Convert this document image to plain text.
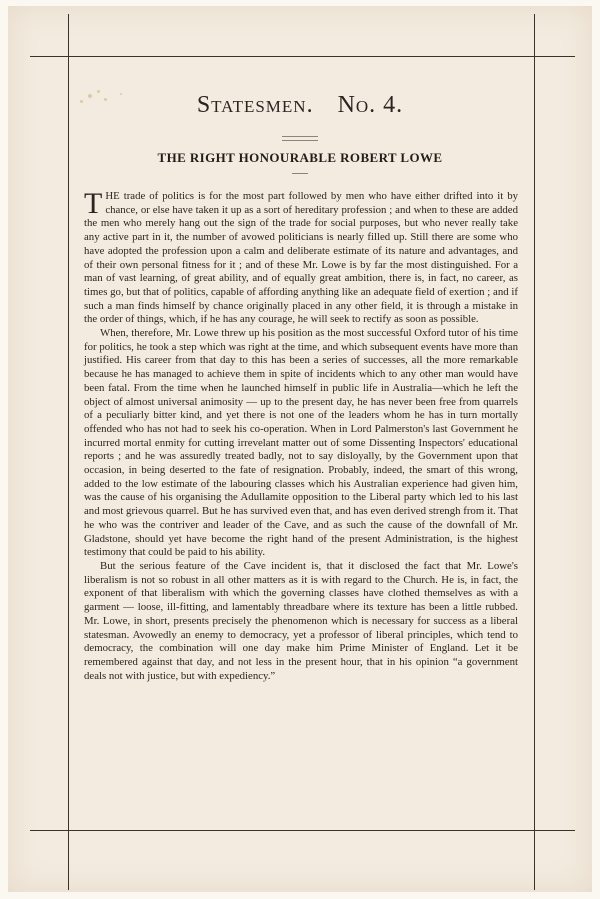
Statesmen. No. 4.
THE RIGHT HONOURABLE ROBERT LOWE

THE trade of politics is for the most part followed by men who have either drifted into it by chance, or else have taken it up as a sort of hereditary profession ; and when to these are added the men who merely hang out the sign of the trade for social purposes, but who never really take any active part in it, the number of avowed politicians is nearly filled up. Still there are some who have adopted the profession upon a calm and deliberate estimate of its nature and advantages, and of their own personal fitness for it ; and of these Mr. Lowe is by far the most distinguished. For a man of vast learning, of great ability, and of equally great ambition, there is, in fact, no career, as times go, but that of politics, capable of affording anything like an adequate field of exertion ; and if such a man finds himself by chance originally placed in any other field, it is through a mistake in the order of things, which, if he has any courage, he will seek to rectify as soon as possible.

When, therefore, Mr. Lowe threw up his position as the most successful Oxford tutor of his time for politics, he took a step which was right at the time, and which subsequent events have more than justified. His career from that day to this has been a series of successes, all the more remarkable because he has managed to achieve them in spite of incidents which to any other man would have been fatal. From the time when he launched himself in public life in Australia—which he left the object of almost universal animosity — up to the present day, he has never been free from quarrels of a peculiarly bitter kind, and yet there is not one of the leaders whom he has in turn mortally offended who has not had to seek his co-operation. When in Lord Palmerston's last Government he incurred mortal enmity for cutting irrevelant matter out of some Dissenting Inspectors' educational reports ; and he was assuredly treated badly, not to say disloyally, by the Government upon that occasion, in being deserted to the fate of resignation. Probably, indeed, the smart of this wrong, added to the low estimate of the labouring classes which his Australian experience had given him, was the cause of his organising the Adullamite opposition to the Liberal party which led to his last and most grievous quarrel. But he has survived even that, and has even derived strengh from it. That he who was the contriver and leader of the Cave, and as such the cause of the downfall of Mr. Gladstone, should yet have become the right hand of the present Administration, is the highest testimony that could be paid to his ability.

But the serious feature of the Cave incident is, that it disclosed the fact that Mr. Lowe's liberalism is not so robust in all other matters as it is with regard to the Church. He is, in fact, the exponent of that liberalism with which the governing classes have clothed themselves as with a garment — loose, ill-fitting, and lamentably threadbare where its texture has been a little rubbed. Mr. Lowe, in short, presents precisely the phenomenon which is necessary for success as a liberal statesman. Avowedly an enemy to democracy, yet a professor of liberal principles, which tend to democracy, the combination will one day make him Prime Minister of England. Let it be remembered against that day, and not less in the present hour, that in his opinion “a government deals not with justice, but with expediency.”
